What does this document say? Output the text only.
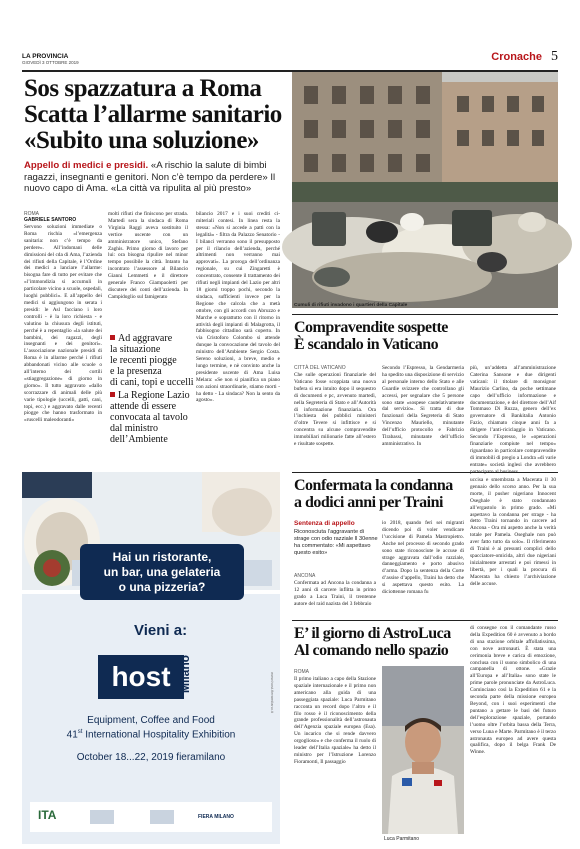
LA PROVINCIA
GIOVEDÌ 3 OTTOBRE 2019	Cronache 5
Sos spazzatura a Roma
Scatta l’allarme sanitario
«Subito una soluzione»
Appello di medici e presidi. «A rischio la salute di bimbi ragazzi, insegnanti e genitori. Non c’è tempo da perdere» Il nuovo capo di Ama. «La città va ripulita al più presto»
Cumuli di rifiuti invadono i quartieri della Capitale ANSA
ROMA
GABRIELE SANTORO

Servono soluzioni immediate o Roma rischia «l’emergenza sanitaria: non c’è tempo da perdere». All’indomani delle dimissioni del cda di Ama, l’azienda dei rifiuti della Capitale, è l’Ordine dei medici a lanciare l’allarme: bisogna fare di tutto per evitare che «l’immondizia si accumuli in particolare vicino a scuole, ospedali, luoghi pubblici». E all’appello dei medici si aggiungono in serata i presidi: le Asl facciano i loro controlli - è la loro richiesta - e valutino la chiusura degli istituti, perché è a repentaglio «la salute dei bambini, dei ragazzi, degli insegnanti e dei genitori». L’associazione nazionale presidi di Roma è in allarme perché i rifiuti abbandonati vicino alle scuole o all’interno dei cortili «stiaggregazione» di giorno in giorno». Il tutto aggravato «dallo scorrazzare di animali delle più varie tipologie (uccelli, gatti, cani, topi, ecc.) e aggravato dalle recenti piogge che hanno trasformato in «ruscelli maleodoranti»

molti rifiuti che finiscono per strada. Martedì sera la sindaca di Roma Virginia Raggi aveva sostituito il vertice uscente con un amministratore unico, Stefano Zaghis. Primo giorno di lavoro per lui: ora bisogna ripulire nel minor tempo possibile la città. Intanto ha incontrato l’assessore al Bilancio Gianni Lemmetti e il direttore generale Franco Giampaoletti per discutere dei conti dell’azienda. In Campidoglio sul famigerato

bilancio 2017 e i suoi crediti ci-miteriali contesi. In linea resta la stessa: «Non si accede a patti con la legalità» - filtra da Palazzo Senatorio - I bilanci verranno sono il presupposto per il rilancio dell’azienda, perché altrimenti non verranno mai approvati». La proroga dell’ordinanza regionale, su cui Zingaretti è concentrato, consente il trattamento dei rifiuti negli impianti del Lazio per altri 18 giorni troppo pochi, secondo la sindaca, sufficienti invece per la Regione che calcola che a metà ottobre, con gli accordi con Abruzzo e Marche e soprattutto con il ritorno in attività degli impianti di Malagrotta, il fabbisogno cittadino sarà coperto. In via Cristoforo Colombo si attende dunque la convocazione del tavolo del ministro dell’Ambiente Sergio Costa. Sereno soluzioni, a breve, medio e lungo termine, e nè convinto anche la presidente uscente di Ama Luisa Melara: «Se non si pianifica un piano con azioni straordinarie, stiamo morti - ha detto - La sindaca? Non la sento da agosto».

Ad aggravare
la situazione
le recenti piogge
e la presenza
di cani, topi e uccelli
La Regione Lazio
attende di essere
convocata al tavolo
dal ministro
dell’Ambiente
Compravendite sospette
È scandalo in Vaticano
CITTÀ DEL VATICANO

Che sulle operazioni finanziarie del Vaticano fosse scoppiata una nuova bufera si era intuito dopo il sequestro di documenti e pc, avvenuto martedì, nella Segreteria di Stato e all’Autorità di informazione finanziaria. Ora l’inchiesta dei pubblici ministeri d’oltre Tevere si infittisce e si concentra su alcune compravendite immobiliari milionarie fatte all’estero e risultate sospette.

Secondo l’Espresso, la Gendarmeria ha spedito una disposizione di servizio al personale interno dello Stato e alle Guardie svizzere che controllano gli accessi, per segnalare che 5 persone sono state «sospese cautelativamente dal servizio». Si tratta di due funzionari della Segreteria di Stato Vincenzo Mauriello, minutante dell’ufficio protocollo e Fabrizio Tirabassi, minutante dell’ufficio amministrativo. In

più, un’addetta all’amministrazione Caterina Sansone e due dirigenti vaticani: il titolare di monsignor Maurizio Carlino, da poche settimane capo dell’ufficio informazione e documentazione, e del direttore dell’Aif Tommaso Di Ruzza, genero dell’ex governatore di Bankitalia Antonio Fazio, chiamato cinque anni fa a dirigere l’anti-riciclaggio in Vaticano. Secondo l’Espresso, le «operazioni finanziarie compiute nel tempo» riguardano in particolare compravendite di immobili di pregio a Londra «di varie entrate» società inglesi che avrebbero

Hai un ristorante,
un bar, una gelateria
o una pizzeria?
Vieni a:
host Milano
Equipment, Coffee and Food
41st International Hospitality Exhibition
October 18...22, 2019 fieramilano
ITA	FIERA MILANO
www.host.fieramilano.it
Confermata la condanna
a dodici anni per Traini
Sentenza di appello
Riconosciuta l’aggravante di strage con odio razziale Il 30enne ha commentato: «Mi aspettavo questo esito»
ANCONA

Confermata ad Ancona la condanna a 12 anni di carcere inflitta in primo grado a Luca Traini, il trentenne autore del raid nazista del 3 febbraio

io 2018, quando ferì sei migranti dicendo poi di voler vendicare l’uccisione di Pamela Mastropietro. Anche nel processo di secondo grado sono state riconosciute le accuse di strage aggravata dall’odio razziale, danneggiamento e porto abusivo d’arma. Dopo la sentenza della Corte d’assise d’appello, Traini ha detto che si aspettava questo esito. La diciottenne romana fu

uccisa e smembrata a Macerata il 30 gennaio dello scorso anno. Per la sua morte, il pusher nigeriano Innocent Oseghale è stato condannato all’ergastolo in primo grado. «Mi aspettavo la condanna per strage - ha detto Traini tornando in carcere ad Ancona - Ora mi aspetto anche la verità totale per Pamela. Oseghale non può aver fatto tutto da solo». Il riferimento di Traini è ai presunti complici dello spacciatore-omicida, altri due nigeriani inizialmente arrestati e poi rimessi in libertà, per i quali la procura di Macerata ha chiesto l’archiviazione delle accuse.

E’ il giorno di AstroLuca
Al comando nello spazio
ROMA

Il primo italiano a capo della Stazione spaziale internazionale e il primo non americano alla guida di una passeggiata spaziale: Luca Parmitano racconta un record dopo l’altro e il filo rosso è il riconoscimento della grande professionalità dell’astronauta dell’Agenzia spaziale europea (Esa). Un incarico che si rende davvero orgoglioso» e che conferma il ruolo di leader dell’Italia spaziale» ha detto il ministro per l’Istruzione Lorenzo Fioramonti, Il passaggio

Luca Parmitano

di consegne con il comandante russo della Expedition 60 è avvenuto a bordo di una stazione orbitale affollatissima, con nove astronauti. È stata una cerimonia breve e carica di emozione, conclusa con il suono simbolico di una campanella di ottone. «Grazie all’Europa e all’Italia» sono state le prime parole pronunciate da AstroLuca. Cominciano così la Expedition 61 e la seconda parte della missione europea Beyond, con i suoi esperimenti che puntano a gettare le basi del futuro dell’esplorazione spaziale, portando l’uomo oltre l’orbita bassa della Terra, verso Luna e Marte. Parmitano è il terzo astronauta europeo ad avere questa qualifica, dopo il belga Frank De Winne.
